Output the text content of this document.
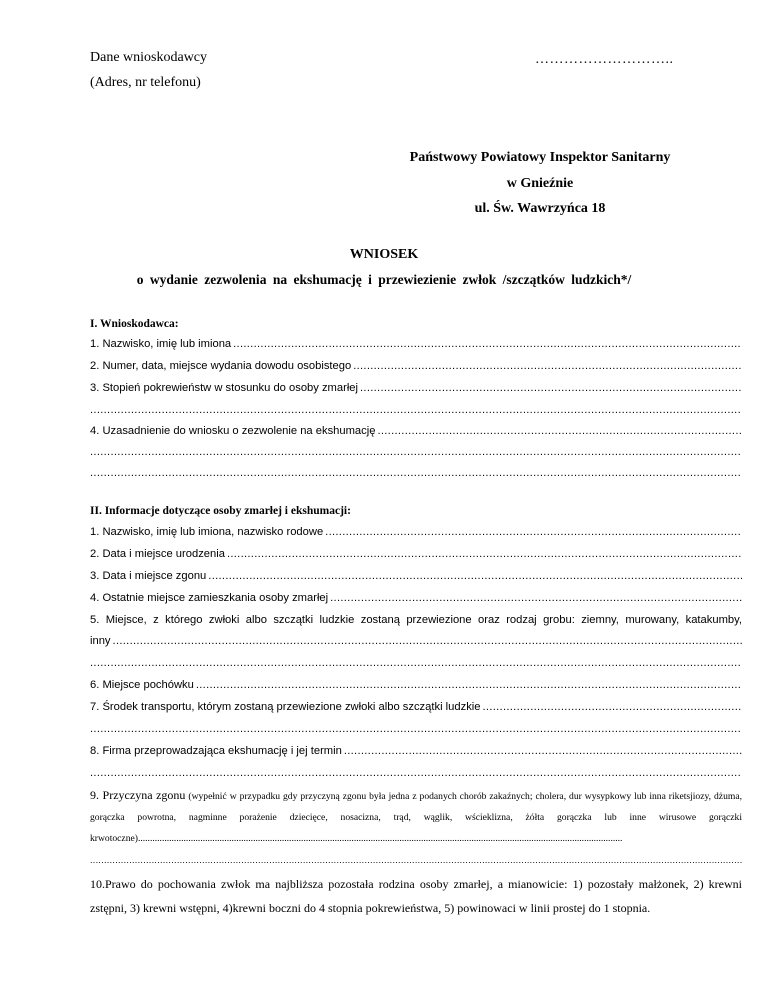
Dane wnioskodawcy
(Adres, nr telefonu)
………………………..
Państwowy Powiatowy Inspektor Sanitarny
w Gnieźnie
ul. Św. Wawrzyńca 18
WNIOSEK
o wydanie zezwolenia na ekshumację i przewiezienie zwłok /szczątków ludzkich*/
I. Wnioskodawca:
1. Nazwisko, imię lub imiona
.....
2. Numer, data, miejsce wydania dowodu osobistego
.....
3. Stopień pokrewieństw w stosunku do osoby zmarłej
.....
.....
4. Uzasadnienie do wniosku o zezwolenie na ekshumację
.....
.....
.....
II. Informacje dotyczące osoby zmarłej i ekshumacji:
1. Nazwisko, imię lub imiona, nazwisko rodowe
.....
2. Data i miejsce urodzenia
.....
3. Data i miejsce zgonu
.....
4. Ostatnie miejsce zamieszkania osoby zmarłej
.....
5. Miejsce, z którego zwłoki albo szczątki ludzkie zostaną przewiezione oraz rodzaj grobu: ziemny, murowany, katakumby,
inny
.....
.....
6. Miejsce pochówku
.....
7. Środek transportu, którym zostaną przewiezione zwłoki albo szczątki ludzkie
.....
.....
8. Firma przeprowadzająca ekshumację i jej termin
.....
.....
9. Przyczyna zgonu (wypełnić w przypadku gdy przyczyną zgonu była jedna z podanych chorób zakaźnych; cholera, dur wysypkowy lub inna riketsjiozy, dżuma, gorączka powrotna, nagminne porażenie dziecięce, nosacizna, trąd, wąglik, wścieklizna, żółta gorączka lub inne wirusowe gorączki krwotoczne)..........................................................................................................................................................................................................
.....
10.Prawo do pochowania zwłok ma najbliższa pozostała rodzina osoby zmarłej, a mianowicie: 1) pozostały małżonek, 2) krewni zstępni, 3) krewni wstępni, 4)krewni boczni do 4 stopnia pokrewieństwa, 5) powinowaci w linii prostej do 1 stopnia.
